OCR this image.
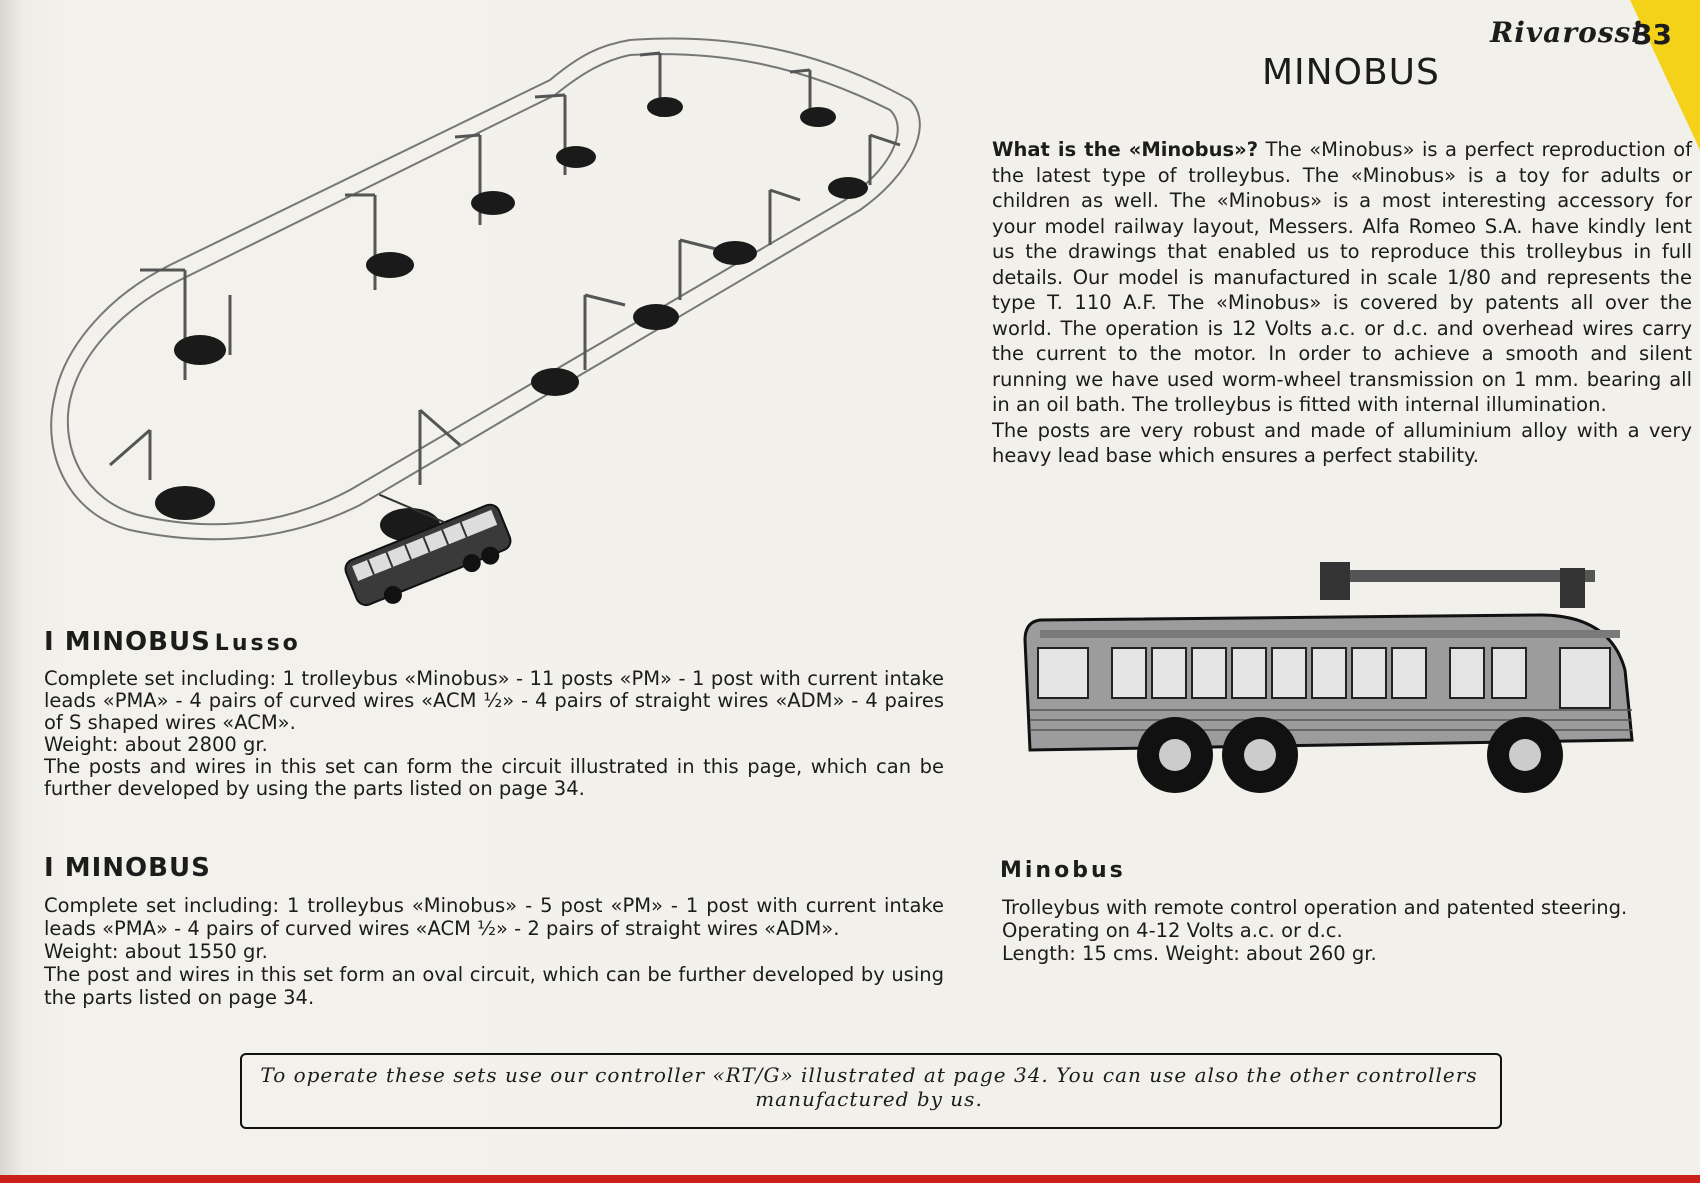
Rivarossi
33
MINOBUS
What is the «Minobus»? The «Minobus» is a perfect reproduction of the latest type of trolleybus. The «Minobus» is a toy for adults or children as well. The «Minobus» is a most interesting accessory for your model railway layout, Messers. Alfa Romeo S.A. have kindly lent us the drawings that enabled us to reproduce this trolleybus in full details. Our model is manufactured in scale 1/80 and represents the type T. 110 A.F. The «Minobus» is covered by patents all over the world. The operation is 12 Volts a.c. or d.c. and overhead wires carry the current to the motor. In order to achieve a smooth and silent running we have used worm-wheel transmission on 1 mm. bearing all in an oil bath. The trolleybus is fitted with internal illumination.
The posts are very robust and made of alluminium alloy with a very heavy lead base which ensures a perfect stability.
I MINOBUS Lusso
Complete set including: 1 trolleybus «Minobus» - 11 posts «PM» - 1 post with current intake leads «PMA» - 4 pairs of curved wires «ACM ½» - 4 pairs of straight wires «ADM» - 4 paires of S shaped wires «ACM».
Weight: about 2800 gr.
The posts and wires in this set can form the circuit illustrated in this page, which can be further developed by using the parts listed on page 34.
I MINOBUS
Complete set including: 1 trolleybus «Minobus» - 5 post «PM» - 1 post with current intake leads «PMA» - 4 pairs of curved wires «ACM ½» - 2 pairs of straight wires «ADM».
Weight: about 1550 gr.
The post and wires in this set form an oval circuit, which can be further developed by using the parts listed on page 34.
Minobus
Trolleybus with remote control operation and patented steering.
Operating on 4-12 Volts a.c. or d.c.
Length: 15 cms. Weight: about 260 gr.
To operate these sets use our controller «RT/G» illustrated at page 34. You can use also the other controllers manufactured by us.
